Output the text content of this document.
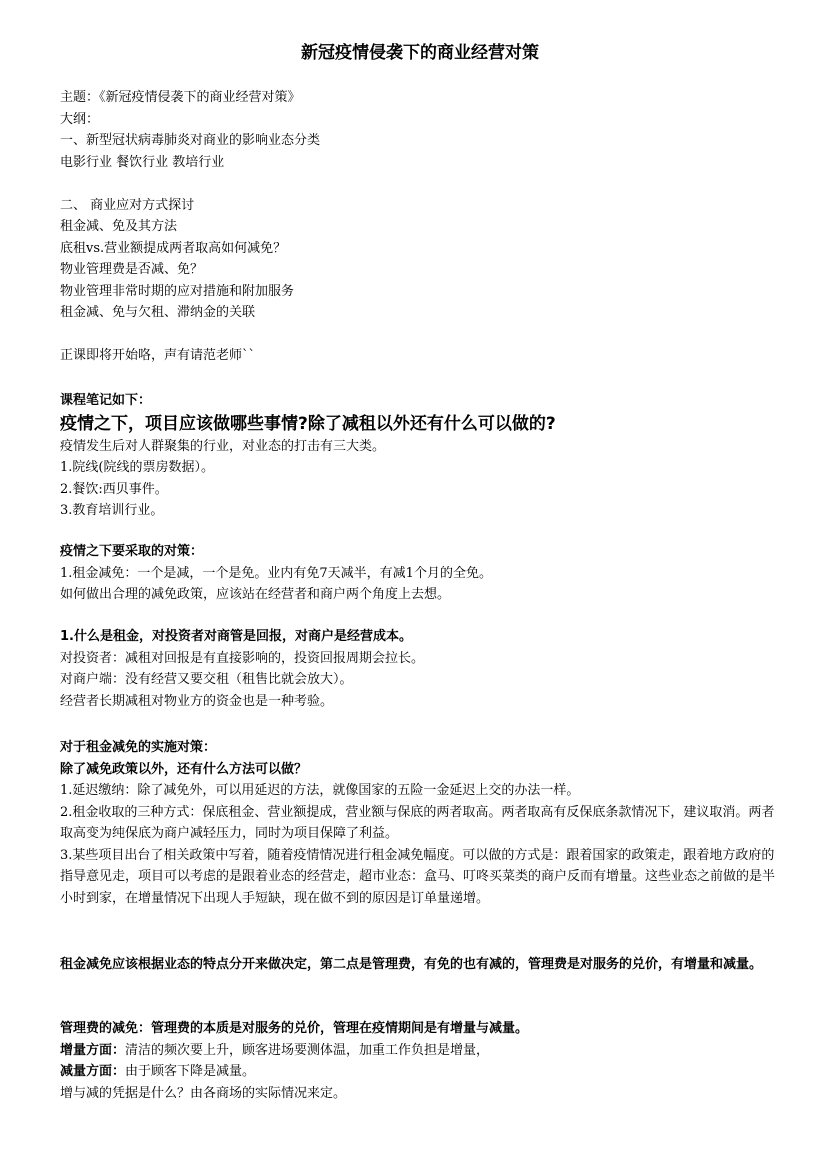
新冠疫情侵袭下的商业经营对策
主题：《新冠疫情侵袭下的商业经营对策》
大纲：
一、新型冠状病毒肺炎对商业的影响业态分类
电影行业 餐饮行业 教培行业
二、 商业应对方式探讨
租金减、免及其方法
底租vs.营业额提成两者取高如何减免？
物业管理费是否减、免？
物业管理非常时期的应对措施和附加服务
租金减、免与欠租、滞纳金的关联
正课即将开始咯，声有请范老师``
课程笔记如下：
疫情之下，项目应该做哪些事情?除了减租以外还有什么可以做的?
疫情发生后对人群聚集的行业，对业态的打击有三大类。
1.院线(院线的票房数据）。
2.餐饮:西贝事件。
3.教育培训行业。
疫情之下要采取的对策：
1.租金减免：一个是减，一个是免。业内有免7天减半，有减1个月的全免。
如何做出合理的减免政策，应该站在经营者和商户两个角度上去想。
1.什么是租金，对投资者对商管是回报，对商户是经营成本。
对投资者：减租对回报是有直接影响的，投资回报周期会拉长。
对商户端：没有经营又要交租（租售比就会放大）。
经营者长期减租对物业方的资金也是一种考验。
对于租金减免的实施对策：
除了减免政策以外，还有什么方法可以做？
1.延迟缴纳：除了减免外，可以用延迟的方法，就像国家的五险一金延迟上交的办法一样。
2.租金收取的三种方式：保底租金、营业额提成，营业额与保底的两者取高。两者取高有反保底条款情况下，建议取消。两者取高变为纯保底为商户减轻压力，同时为项目保障了利益。
3.某些项目出台了相关政策中写着，随着疫情情况进行租金减免幅度。可以做的方式是：跟着国家的政策走，跟着地方政府的指导意见走，项目可以考虑的是跟着业态的经营走，超市业态：盒马、叮咚买菜类的商户反而有增量。这些业态之前做的是半小时到家，在增量情况下出现人手短缺，现在做不到的原因是订单量递增。
租金减免应该根据业态的特点分开来做决定，第二点是管理费，有免的也有减的，管理费是对服务的兑价，有增量和减量。
管理费的减免：管理费的本质是对服务的兑价，管理在疫情期间是有增量与减量。
增量方面：清洁的频次要上升，顾客进场要测体温，加重工作负担是增量，
减量方面：由于顾客下降是减量。
增与减的凭据是什么？由各商场的实际情况来定。
